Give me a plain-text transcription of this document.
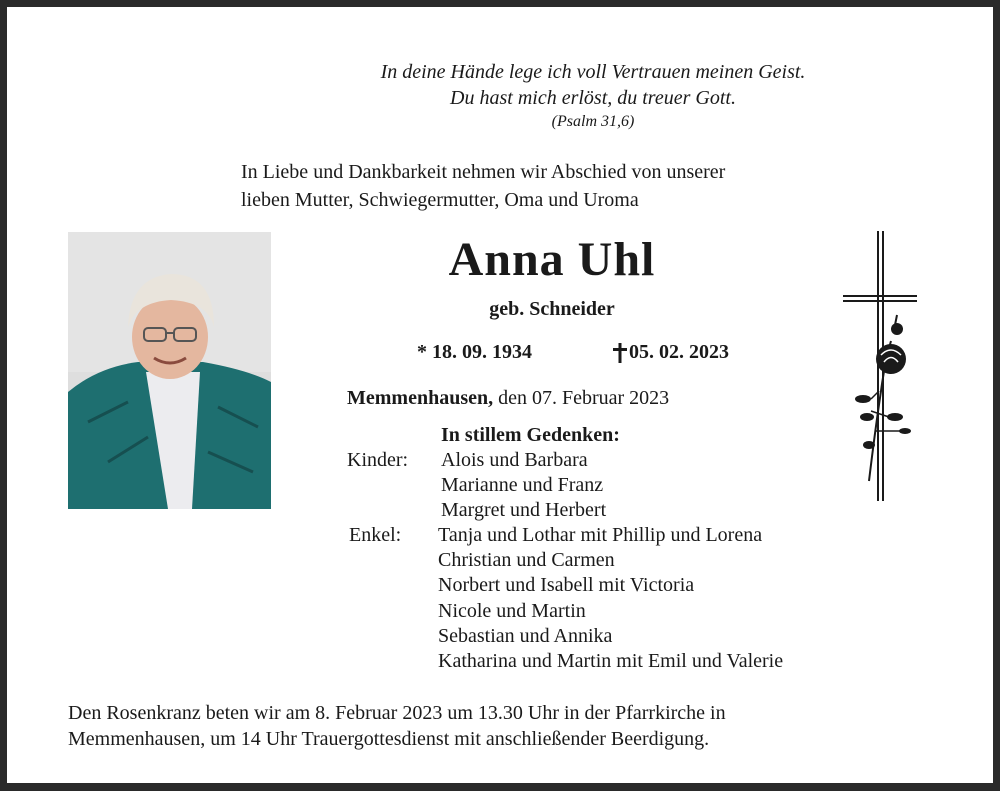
In deine Hände lege ich voll Vertrauen meinen Geist.
Du hast mich erlöst, du treuer Gott.
(Psalm 31,6)
In Liebe und Dankbarkeit nehmen wir Abschied von unserer
lieben Mutter, Schwiegermutter, Oma und Uroma
Anna Uhl
geb. Schneider
* 18. 09. 1934	05. 02. 2023
Memmenhausen, den 07. Februar 2023
In stillem Gedenken:
Kinder: Alois und Barbara
Marianne und Franz
Margret und Herbert
Enkel: Tanja und Lothar mit Phillip und Lorena
Christian und Carmen
Norbert und Isabell mit Victoria
Nicole und Martin
Sebastian und Annika
Katharina und Martin mit Emil und Valerie
Den Rosenkranz beten wir am 8. Februar 2023 um 13.30 Uhr in der Pfarrkirche in
Memmenhausen, um 14 Uhr Trauergottesdienst mit anschließender Beerdigung.
